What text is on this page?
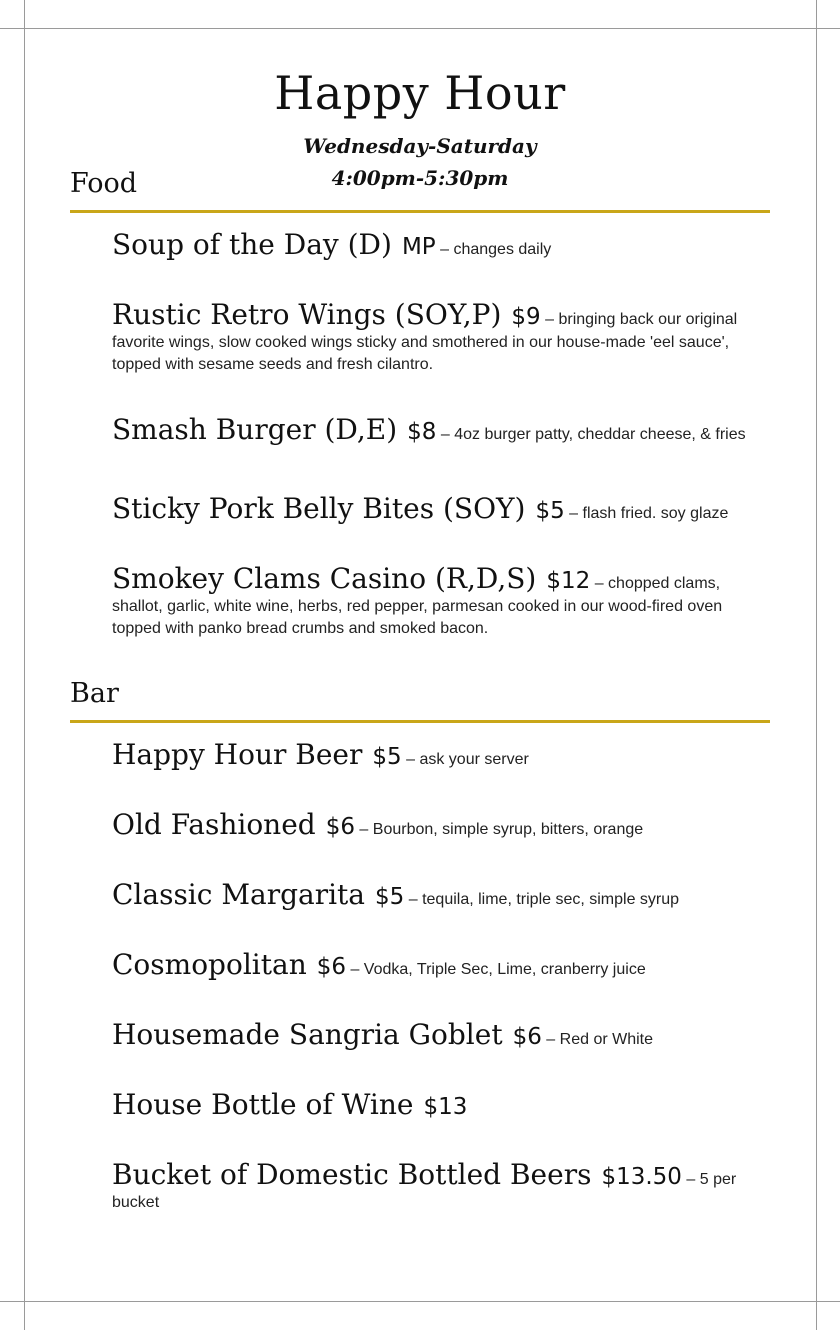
Happy Hour
Wednesday-Saturday
4:00pm-5:30pm
Food
Soup of the Day (D) MP – changes daily
Rustic Retro Wings (SOY,P) $9 – bringing back our original favorite wings, slow cooked wings sticky and smothered in our house-made 'eel sauce', topped with sesame seeds and fresh cilantro.
Smash Burger (D,E) $8 – 4oz burger patty, cheddar cheese, & fries
Sticky Pork Belly Bites (SOY) $5 – flash fried. soy glaze
Smokey Clams Casino (R,D,S) $12 – chopped clams, shallot, garlic, white wine, herbs, red pepper, parmesan cooked in our wood-fired oven topped with panko bread crumbs and smoked bacon.
Bar
Happy Hour Beer $5 – ask your server
Old Fashioned $6 – Bourbon, simple syrup, bitters, orange
Classic Margarita $5 – tequila, lime, triple sec, simple syrup
Cosmopolitan $6 – Vodka, Triple Sec, Lime, cranberry juice
Housemade Sangria Goblet $6 – Red or White
House Bottle of Wine $13
Bucket of Domestic Bottled Beers $13.50 – 5 per bucket
